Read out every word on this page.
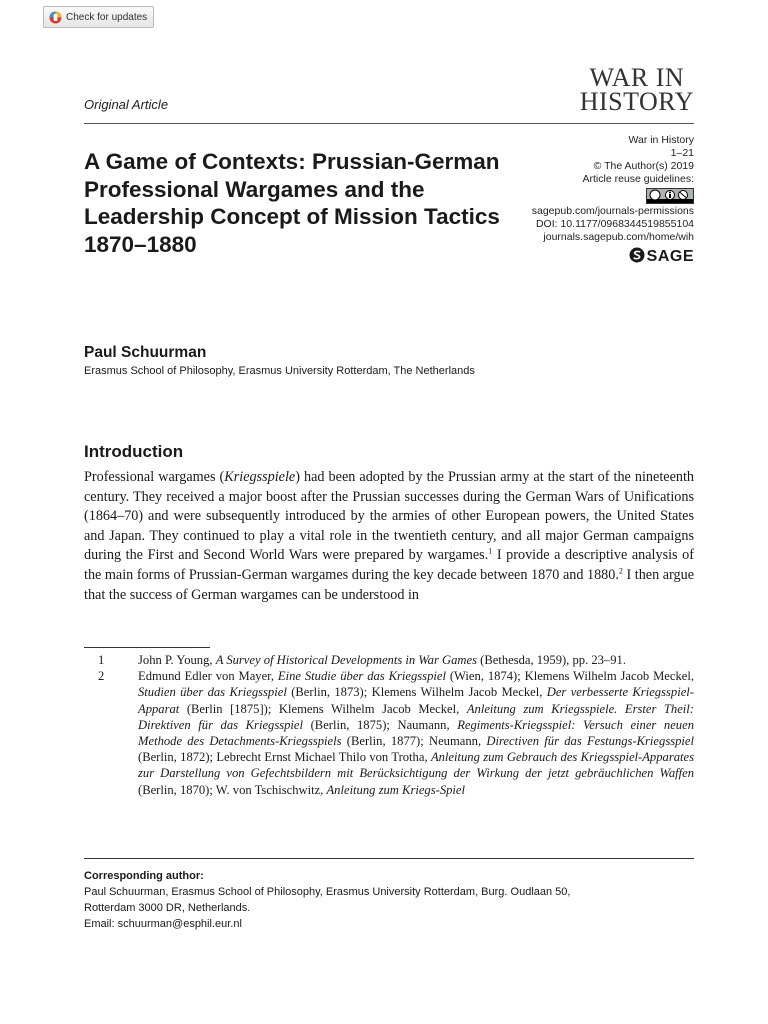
Check for updates
WAR IN
HISTORY
Original Article
A Game of Contexts: Prussian-German Professional Wargames and the Leadership Concept of Mission Tactics 1870–1880
War in History
1–21
© The Author(s) 2019
Article reuse guidelines:
sagepub.com/journals-permissions
DOI: 10.1177/0968344519855104
journals.sagepub.com/home/wih
SAGE
Paul Schuurman
Erasmus School of Philosophy, Erasmus University Rotterdam, The Netherlands
Introduction

Professional wargames (Kriegsspiele) had been adopted by the Prussian army at the start of the nineteenth century. They received a major boost after the Prussian successes during the German Wars of Unifications (1864–70) and were subsequently introduced by the armies of other European powers, the United States and Japan. They continued to play a vital role in the twentieth century, and all major German campaigns during the First and Second World Wars were prepared by wargames.$^1$ I provide a descriptive analysis of the main forms of Prussian-German wargames during the key decade between 1870 and 1880.$^2$ I then argue that the success of German wargames can be understood in

1	John P. Young, A Survey of Historical Developments in War Games (Bethesda, 1959), pp. 23–91.
2	Edmund Edler von Mayer, Eine Studie über das Kriegsspiel (Wien, 1874); Klemens Wilhelm Jacob Meckel, Studien über das Kriegsspiel (Berlin, 1873); Klemens Wilhelm Jacob Meckel, Der verbesserte Kriegsspiel-Apparat (Berlin [1875]); Klemens Wilhelm Jacob Meckel, Anleitung zum Kriegsspiele. Erster Theil: Direktiven für das Kriegsspiel (Berlin, 1875); Naumann, Regiments-Kriegsspiel: Versuch einer neuen Methode des Detachments-Kriegsspiels (Berlin, 1877); Neumann, Directiven für das Festungs-Kriegsspiel (Berlin, 1872); Lebrecht Ernst Michael Thilo von Trotha, Anleitung zum Gebrauch des Kriegsspiel-Apparates zur Darstellung von Gefechtsbildern mit Berücksichtigung der Wirkung der jetzt gebräuchlichen Waffen (Berlin, 1870); W. von Tschischwitz, Anleitung zum Kriegs-Spiel
Corresponding author:
Paul Schuurman, Erasmus School of Philosophy, Erasmus University Rotterdam, Burg. Oudlaan 50,
Rotterdam 3000 DR, Netherlands.
Email: schuurman@esphil.eur.nl
